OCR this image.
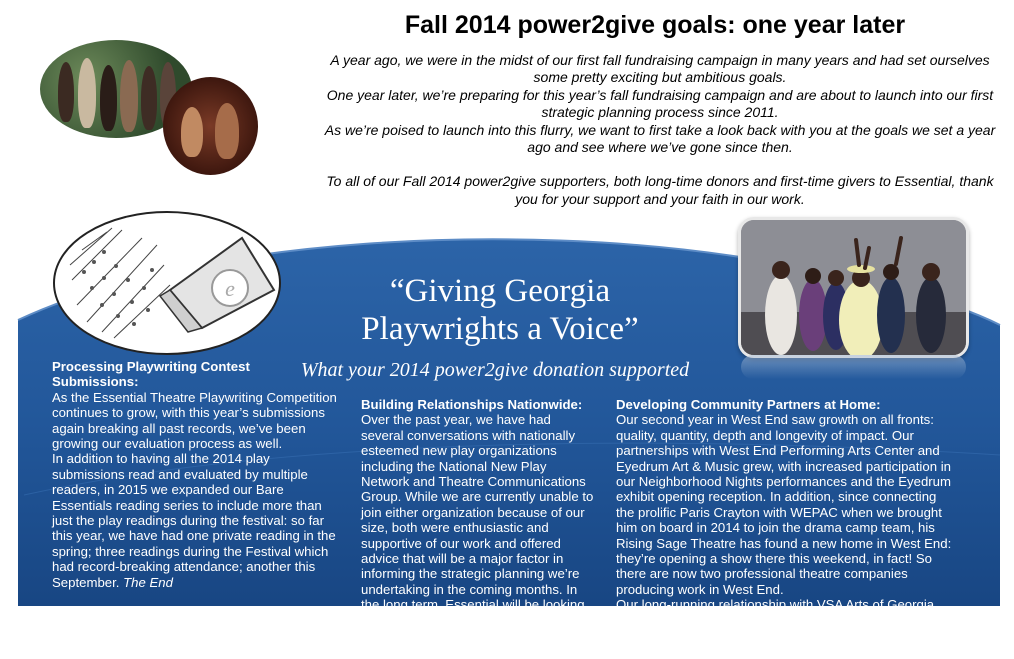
Fall 2014 power2give goals: one year later

A year ago, we were in the midst of our first fall fundraising campaign in many years and had set ourselves some pretty exciting but ambitious goals.

One year later, we’re preparing for this year’s fall fundraising campaign and are about to launch into our first strategic planning process since 2011.

As we’re poised to launch into this flurry, we want to first take a look back with you at the goals we set a year ago and see where we’ve gone since then.

To all of our Fall 2014 power2give supporters, both long-time donors and first-time givers to Essential, thank you for your support and your faith in our work.

e	“Giving Georgia
Playwrights a Voice”
What your 2014 power2give donation supported
Processing Playwriting Contest Submissions:

As the Essential Theatre Playwriting Competition continues to grow, with this year’s submissions again breaking all past records, we’ve been growing our evaluation process as well.

In addition to having all the 2014 play submissions read and evaluated by multiple readers, in 2015 we expanded our Bare Essentials reading series to include more than just the play readings during the festival: so far this year, we have had one private reading in the spring; three readings during the Festival which had record-breaking attendance; another this September. The End

Building Relationships Nationwide:

Over the past year, we have had several conversations with nationally esteemed new play organizations including the National New Play Network and Theatre Communications Group. While we are currently unable to join either organization because of our size, both were enthusiastic and supportive of our work and offered advice that will be a major factor in informing the strategic planning we’re undertaking in the coming months. In the long term, Essential will be looking

Developing Community Partners at Home:

Our second year in West End saw growth on all fronts: quality, quantity, depth and longevity of impact. Our partnerships with West End Performing Arts Center and Eyedrum Art & Music grew, with increased participation in our Neighborhood Nights performances and the Eyedrum exhibit opening reception. In addition, since connecting the prolific Paris Crayton with WEPAC when we brought him on board in 2014 to join the drama camp team, his Rising Sage Theatre has found a new home in West End: they’re opening a show there this weekend, in fact! So there are now two professional theatre companies producing work in West End.

Our long-running relationship with VSA Arts of Georgia also saw escalating participation in 2015. “Essential Theatre productions are always so emotionally thought provoking and
